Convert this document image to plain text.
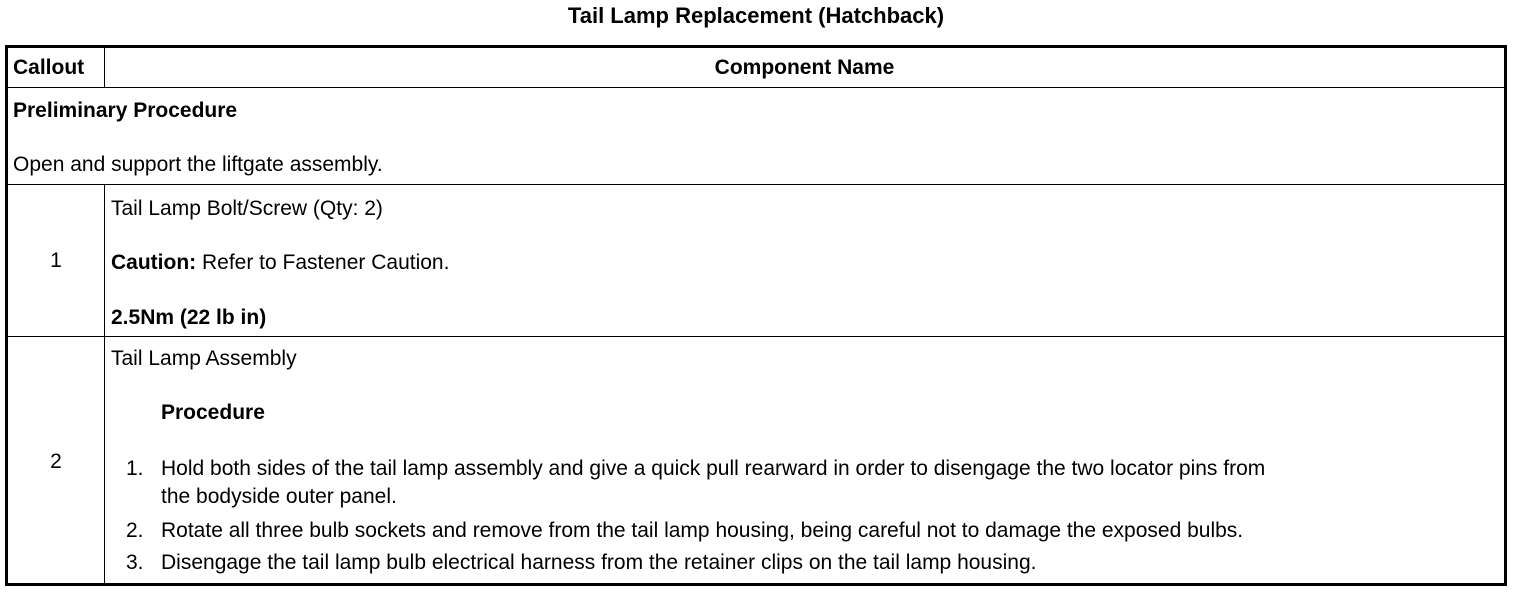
Tail Lamp Replacement (Hatchback)
Callout	Component Name
Preliminary Procedure
Open and support the liftgate assembly.
1
Tail Lamp Bolt/Screw (Qty: 2)
Caution: Refer to Fastener Caution.
2.5Nm (22 lb in)
2
Tail Lamp Assembly
Procedure
1. Hold both sides of the tail lamp assembly and give a quick pull rearward in order to disengage the two locator pins from
the bodyside outer panel.
2. Rotate all three bulb sockets and remove from the tail lamp housing, being careful not to damage the exposed bulbs.
3. Disengage the tail lamp bulb electrical harness from the retainer clips on the tail lamp housing.
